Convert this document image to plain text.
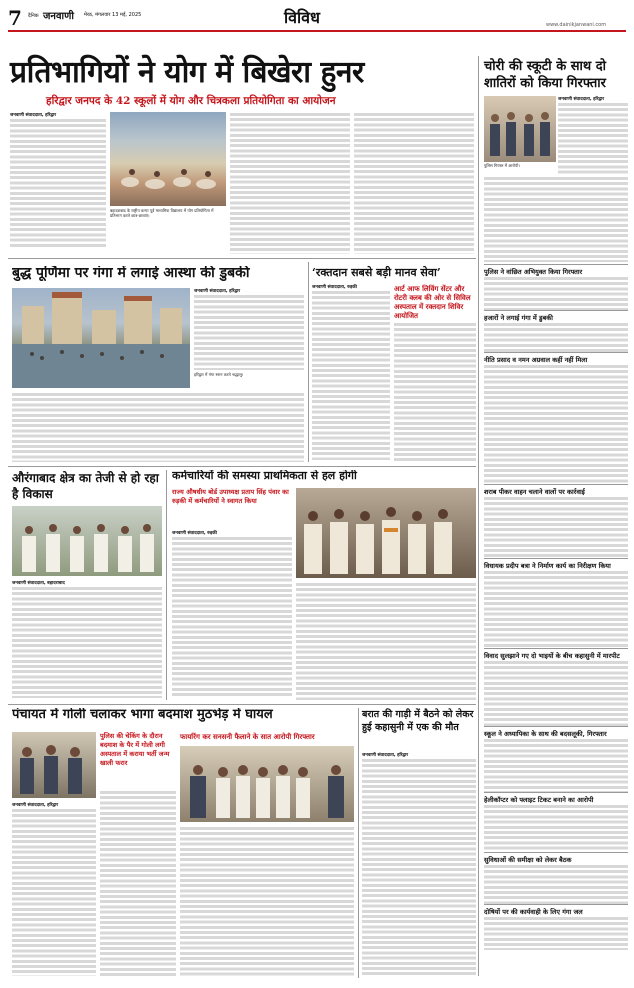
7 दैनिक जनवाणी मेरठ, मंगलवार 13 मई, 2025	विविध	www.dainikjanwani.com
प्रतिभागियों ने योग में बिखेरा हुनर
हरिद्वार जनपद के 42 स्कूलों में योग और चित्रकला प्रतियोगिता का आयोजन
जनवाणी संवाददाता, हरिद्वार
बहादराबाद के राष्ट्रीय कन्या पूर्व माध्यमिक विद्यालय में योग प्रतियोगिता में प्रतिभाग करते छात्र-छात्राएं।
चोरी की स्कूटी के साथ दो शातिरों को किया गिरफ्तार
पुलिस गिरफ्त में आरोपी।
जनवाणी संवाददाता, हरिद्वार
पुलिस ने वांछित अभियुक्त किया गिरफ्तार
हजारों ने लगाई गंगा में डुबकी
नीति प्रसाद व नमन अग्रवाल कहीं नहीं मिला
शराब पीकर वाहन चलाने वालों पर कार्रवाई
विधायक प्रदीप बत्रा ने निर्माण कार्य का निरीक्षण किया
विवाद सुलझाने गए दो भाइयों के बीच कहासुनी में मारपीट
स्कूल ने अध्यापिका के साथ की बदसलूकी, गिरफ्तार
हेलीकॉप्टर को फ्लाइट टिकट बनाने का आरोपी
सुविधाओं की समीक्षा को लेकर बैठक
दोषियों पर की कार्यवाही के लिए गंगा जल
बुद्ध पूर्णिमा पर गंगा में लगाई आस्था की डुबकी
हरिद्वार में गंगा स्नान करते श्रद्धालु।
जनवाणी संवाददाता, हरिद्वार
‘रक्तदान सबसे बड़ी मानव सेवा’
जनवाणी संवाददाता, रुड़की	आर्ट आफ लिविंग सेंटर और रोटरी क्लब की ओर से सिविल अस्पताल में रक्तदान शिविर आयोजित
औरंगाबाद क्षेत्र का तेजी से हो रहा है विकास
जनवाणी संवाददाता, बहादराबाद
कर्मचारियों की समस्या प्राथमिकता से हल होगी
राज्य औषधीय बोर्ड उपाध्यक्ष प्रताप सिंह पंवार का रुड़की में कर्मचारियों ने स्वागत किया
जनवाणी संवाददाता, रुड़की
पंचायत में गोली चलाकर भागा बदमाश मुठभेड़ में घायल
जनवाणी संवाददाता, हरिद्वार
पुलिस की चेकिंग के दौरान बदमाश के पैर में गोली लगी अस्पताल में कराया भर्ती जन्म खाली फरार
फायरिंग कर सनसनी फैलाने के सात आरोपी गिरफ्तार
बरात की गाड़ी में बैठने को लेकर हुई कहासुनी में एक की मौत
जनवाणी संवाददाता, हरिद्वार
